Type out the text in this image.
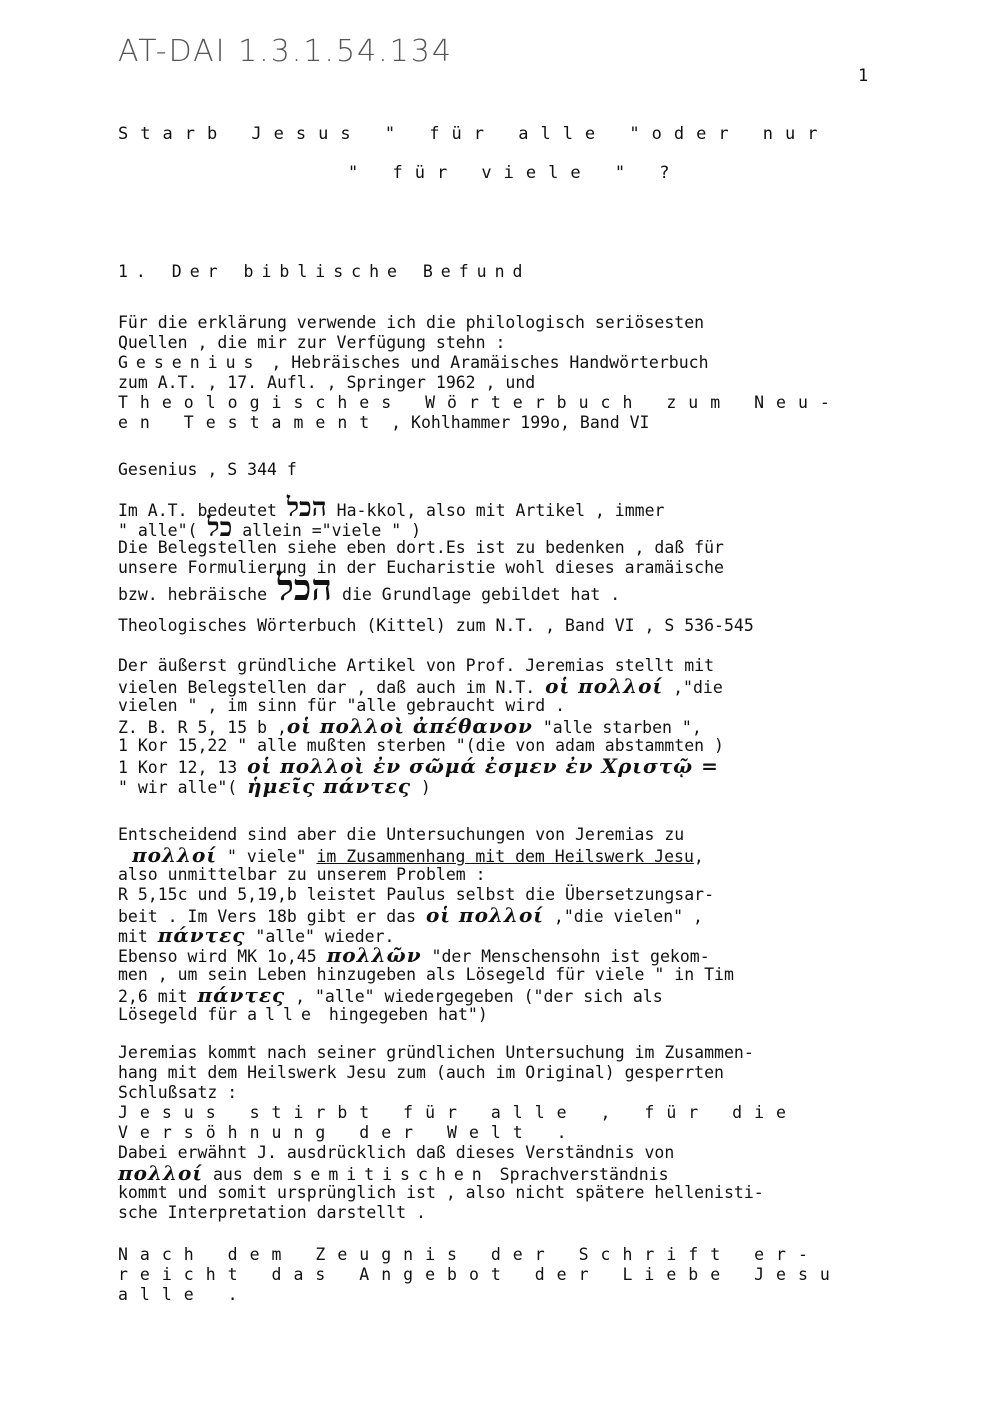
AT-DAI 1.3.1.54.134
1
Starb Jesus " für alle "oder nur
" für viele " ?
1. Der biblische Befund
Für die erklärung verwende ich die philologisch seriösesten
Quellen , die mir zur Verfügung stehn :
Gesenius , Hebräisches und Aramäisches Handwörterbuch
zum A.T. , 17. Aufl. , Springer 1962 , und
Theologisches Wörterbuch zum Neu-
en Testament , Kohlhammer 199o, Band VI
Gesenius , S 344 f
Im A.T. bedeutet הכל Ha-kkol, also mit Artikel , immer
" alle"( כל allein ="viele " )
Die Belegstellen siehe eben dort.Es ist zu bedenken , daß für
unsere Formulierung in der Eucharistie wohl dieses aramäische
bzw. hebräische הכל die Grundlage gebildet hat .
Theologisches Wörterbuch (Kittel) zum N.T. , Band VI , S 536-545
Der äußerst gründliche Artikel von Prof. Jeremias stellt mit
vielen Belegstellen dar , daß auch im N.T. οἱ πολλοί ,"die
vielen " , im sinn für "alle gebraucht wird .
Z. B. R 5, 15 b ,οἱ πολλοὶ ἀπέθανον "alle starben ",
1 Kor 15,22 " alle mußten sterben "(die von adam abstammten )
1 Kor 12, 13 οἱ πολλοὶ ἐν σῶμά ἐσμεν ἐν Χριστῷ =
" wir alle"( ἡμεῖς πάντες )
Entscheidend sind aber die Untersuchungen von Jeremias zu
πολλοί " viele" im Zusammenhang mit dem Heilswerk Jesu,
also unmittelbar zu unserem Problem :
R 5,15c und 5,19,b leistet Paulus selbst die Übersetzungsar-
beit . Im Vers 18b gibt er das οἱ πολλοί ,"die vielen" ,
mit πάντες "alle" wieder.
Ebenso wird MK 1o,45 πολλῶν "der Menschensohn ist gekom-
men , um sein Leben hinzugeben als Lösegeld für viele " in Tim
2,6 mit πάντες , "alle" wiedergegeben ("der sich als
Lösegeld für alle hingegeben hat")
Jeremias kommt nach seiner gründlichen Untersuchung im Zusammen-
hang mit dem Heilswerk Jesu zum (auch im Original) gesperrten
Schlußsatz :
Jesus stirbt für alle , für die
Versöhnung der Welt .
Dabei erwähnt J. ausdrücklich daß dieses Verständnis von
πολλοί aus dem semitischen Sprachverständnis
kommt und somit ursprünglich ist , also nicht spätere hellenisti-
sche Interpretation darstellt .
Nach dem Zeugnis der Schrift er-
reicht das Angebot der Liebe Jesu
alle .
